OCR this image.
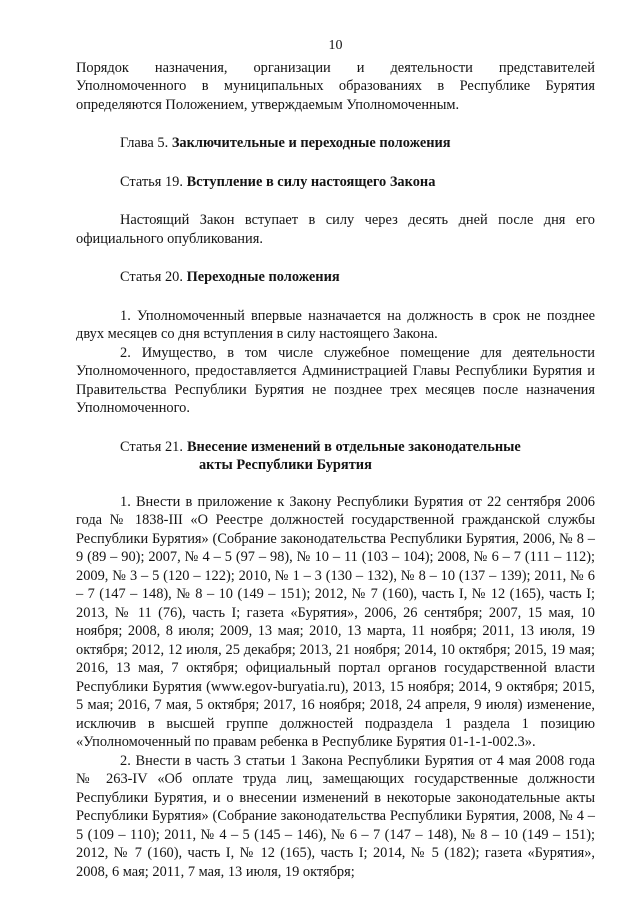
10

Порядок назначения, организации и деятельности представителей Уполномоченного в муниципальных образованиях в Республике Бурятия определяются Положением, утверждаемым Уполномоченным.

Глава 5. Заключительные и переходные положения

Статья 19. Вступление в силу настоящего Закона

Настоящий Закон вступает в силу через десять дней после дня его официального опубликования.

Статья 20. Переходные положения

1. Уполномоченный впервые назначается на должность в срок не позднее двух месяцев со дня вступления в силу настоящего Закона.

2. Имущество, в том числе служебное помещение для деятельности Уполномоченного, предоставляется Администрацией Главы Республики Бурятия и Правительства Республики Бурятия не позднее трех месяцев после назначения Уполномоченного.

Статья 21. Внесение изменений в отдельные законодательные
акты Республики Бурятия

1. Внести в приложение к Закону Республики Бурятия от 22 сентября 2006 года № 1838-III «О Реестре должностей государственной гражданской службы Республики Бурятия» (Собрание законодательства Республики Бурятия, 2006, № 8 – 9 (89 – 90); 2007, № 4 – 5 (97 – 98), № 10 – 11 (103 – 104); 2008, № 6 – 7 (111 – 112); 2009, № 3 – 5 (120 – 122); 2010, № 1 – 3 (130 – 132), № 8 – 10 (137 – 139); 2011, № 6 – 7 (147 – 148), № 8 – 10 (149 – 151); 2012, № 7 (160), часть I, № 12 (165), часть I; 2013, № 11 (76), часть I; газета «Бурятия», 2006, 26 сентября; 2007, 15 мая, 10 ноября; 2008, 8 июля; 2009, 13 мая; 2010, 13 марта, 11 ноября; 2011, 13 июля, 19 октября; 2012, 12 июля, 25 декабря; 2013, 21 ноября; 2014, 10 октября; 2015, 19 мая; 2016, 13 мая, 7 октября; официальный портал органов государственной власти Республики Бурятия (www.egov-buryatia.ru), 2013, 15 ноября; 2014, 9 октября; 2015, 5 мая; 2016, 7 мая, 5 октября; 2017, 16 ноября; 2018, 24 апреля, 9 июля) изменение, исключив в высшей группе должностей подраздела 1 раздела 1 позицию «Уполномоченный по правам ребенка в Республике Бурятия 01-1-1-002.3».

2. Внести в часть 3 статьи 1 Закона Республики Бурятия от 4 мая 2008 года № 263-IV «Об оплате труда лиц, замещающих государственные должности Республики Бурятия, и о внесении изменений в некоторые законодательные акты Республики Бурятия» (Собрание законодательства Республики Бурятия, 2008, № 4 – 5 (109 – 110); 2011, № 4 – 5 (145 – 146), № 6 – 7 (147 – 148), № 8 – 10 (149 – 151); 2012, № 7 (160), часть I, № 12 (165), часть I; 2014, № 5 (182); газета «Бурятия», 2008, 6 мая; 2011, 7 мая, 13 июля, 19 октября;
